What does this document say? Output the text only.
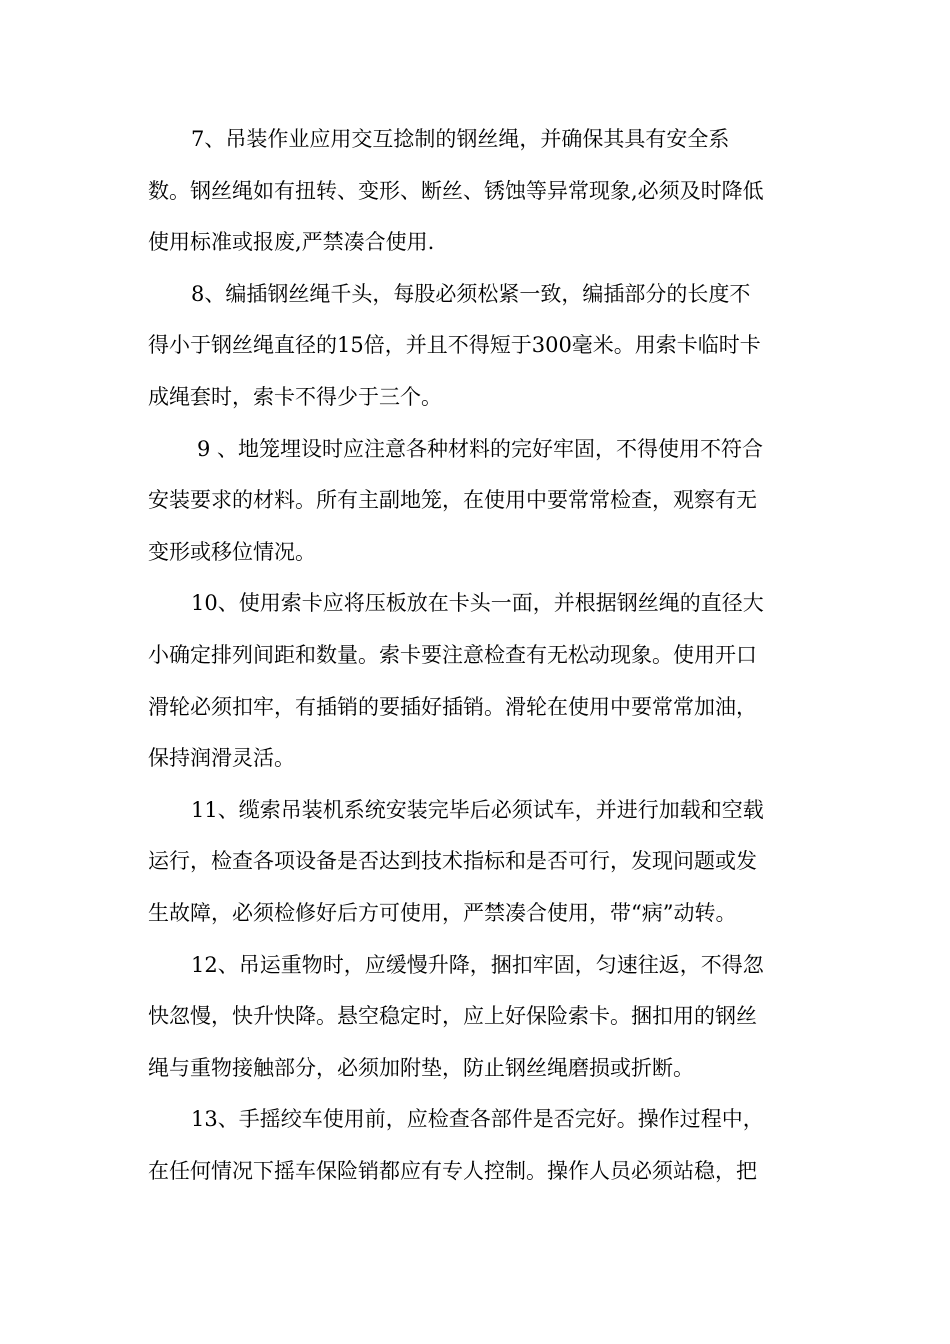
7、吊装作业应用交互捻制的钢丝绳，并确保其具有安全系
数。钢丝绳如有扭转、变形、断丝、锈蚀等异常现象,必须及时降低
使用标准或报废,严禁凑合使用.
8、编插钢丝绳千头，每股必须松紧一致，编插部分的长度不
得小于钢丝绳直径的15倍，并且不得短于300毫米。用索卡临时卡
成绳套时，索卡不得少于三个。
9 、地笼埋设时应注意各种材料的完好牢固，不得使用不符合
安装要求的材料。所有主副地笼，在使用中要常常检查，观察有无
变形或移位情况。
10、使用索卡应将压板放在卡头一面，并根据钢丝绳的直径大
小确定排列间距和数量。索卡要注意检查有无松动现象。使用开口
滑轮必须扣牢，有插销的要插好插销。滑轮在使用中要常常加油，
保持润滑灵活。
11、缆索吊装机系统安装完毕后必须试车，并进行加载和空载
运行，检查各项设备是否达到技术指标和是否可行，发现问题或发
生故障，必须检修好后方可使用，严禁凑合使用，带“病”动转。
12、吊运重物时，应缓慢升降，捆扣牢固，匀速往返，不得忽
快忽慢，快升快降。悬空稳定时，应上好保险索卡。捆扣用的钢丝
绳与重物接触部分，必须加附垫，防止钢丝绳磨损或折断。
13、手摇绞车使用前，应检查各部件是否完好。操作过程中，
在任何情况下摇车保险销都应有专人控制。操作人员必须站稳，把
